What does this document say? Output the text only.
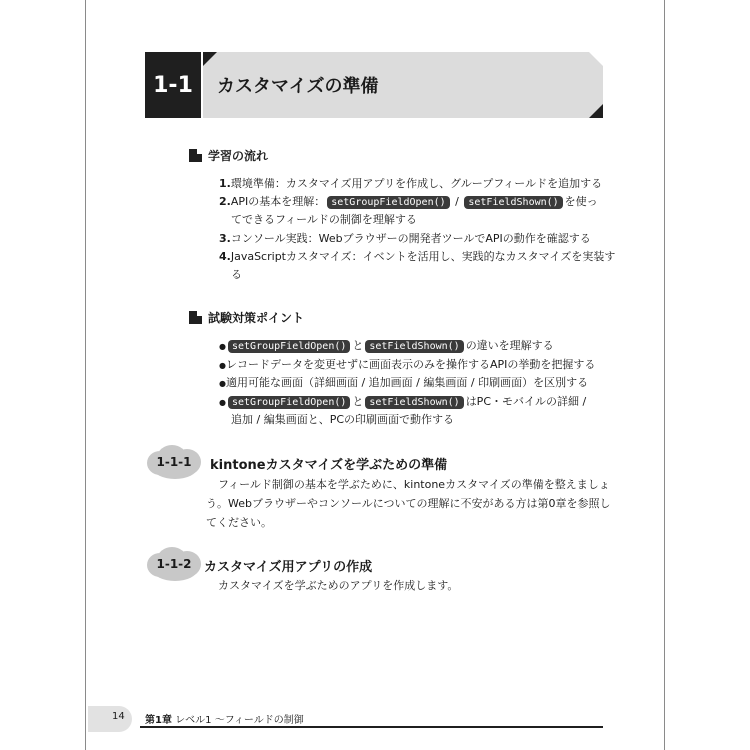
1-1	カスタマイズの準備
学習の流れ
1.環境準備：カスタマイズ用アプリを作成し、グループフィールドを追加する
2.APIの基本を理解： setGroupFieldOpen() / setFieldShown() を使っ
てできるフィールドの制御を理解する
3.コンソール実践：Webブラウザーの開発者ツールでAPIの動作を確認する
4.JavaScriptカスタマイズ：イベントを活用し、実践的なカスタマイズを実装す
る
試験対策ポイント
● setGroupFieldOpen() と setFieldShown() の違いを理解する
●レコードデータを変更せずに画面表示のみを操作するAPIの挙動を把握する
●適用可能な画面（詳細画面 / 追加画面 / 編集画面 / 印刷画面）を区別する
● setGroupFieldOpen() と setFieldShown() はPC・モバイルの詳細 /
追加 / 編集画面と、PCの印刷画面で動作する
1-1-1	kintoneカスタマイズを学ぶための準備
フィールド制御の基本を学ぶために、kintoneカスタマイズの準備を整えましょ
う。Webブラウザーやコンソールについての理解に不安がある方は第0章を参照し
てください。
1-1-2 カスタマイズ用アプリの作成
カスタマイズを学ぶためのアプリを作成します。
14 第1章 レベル1 〜フィールドの制御
